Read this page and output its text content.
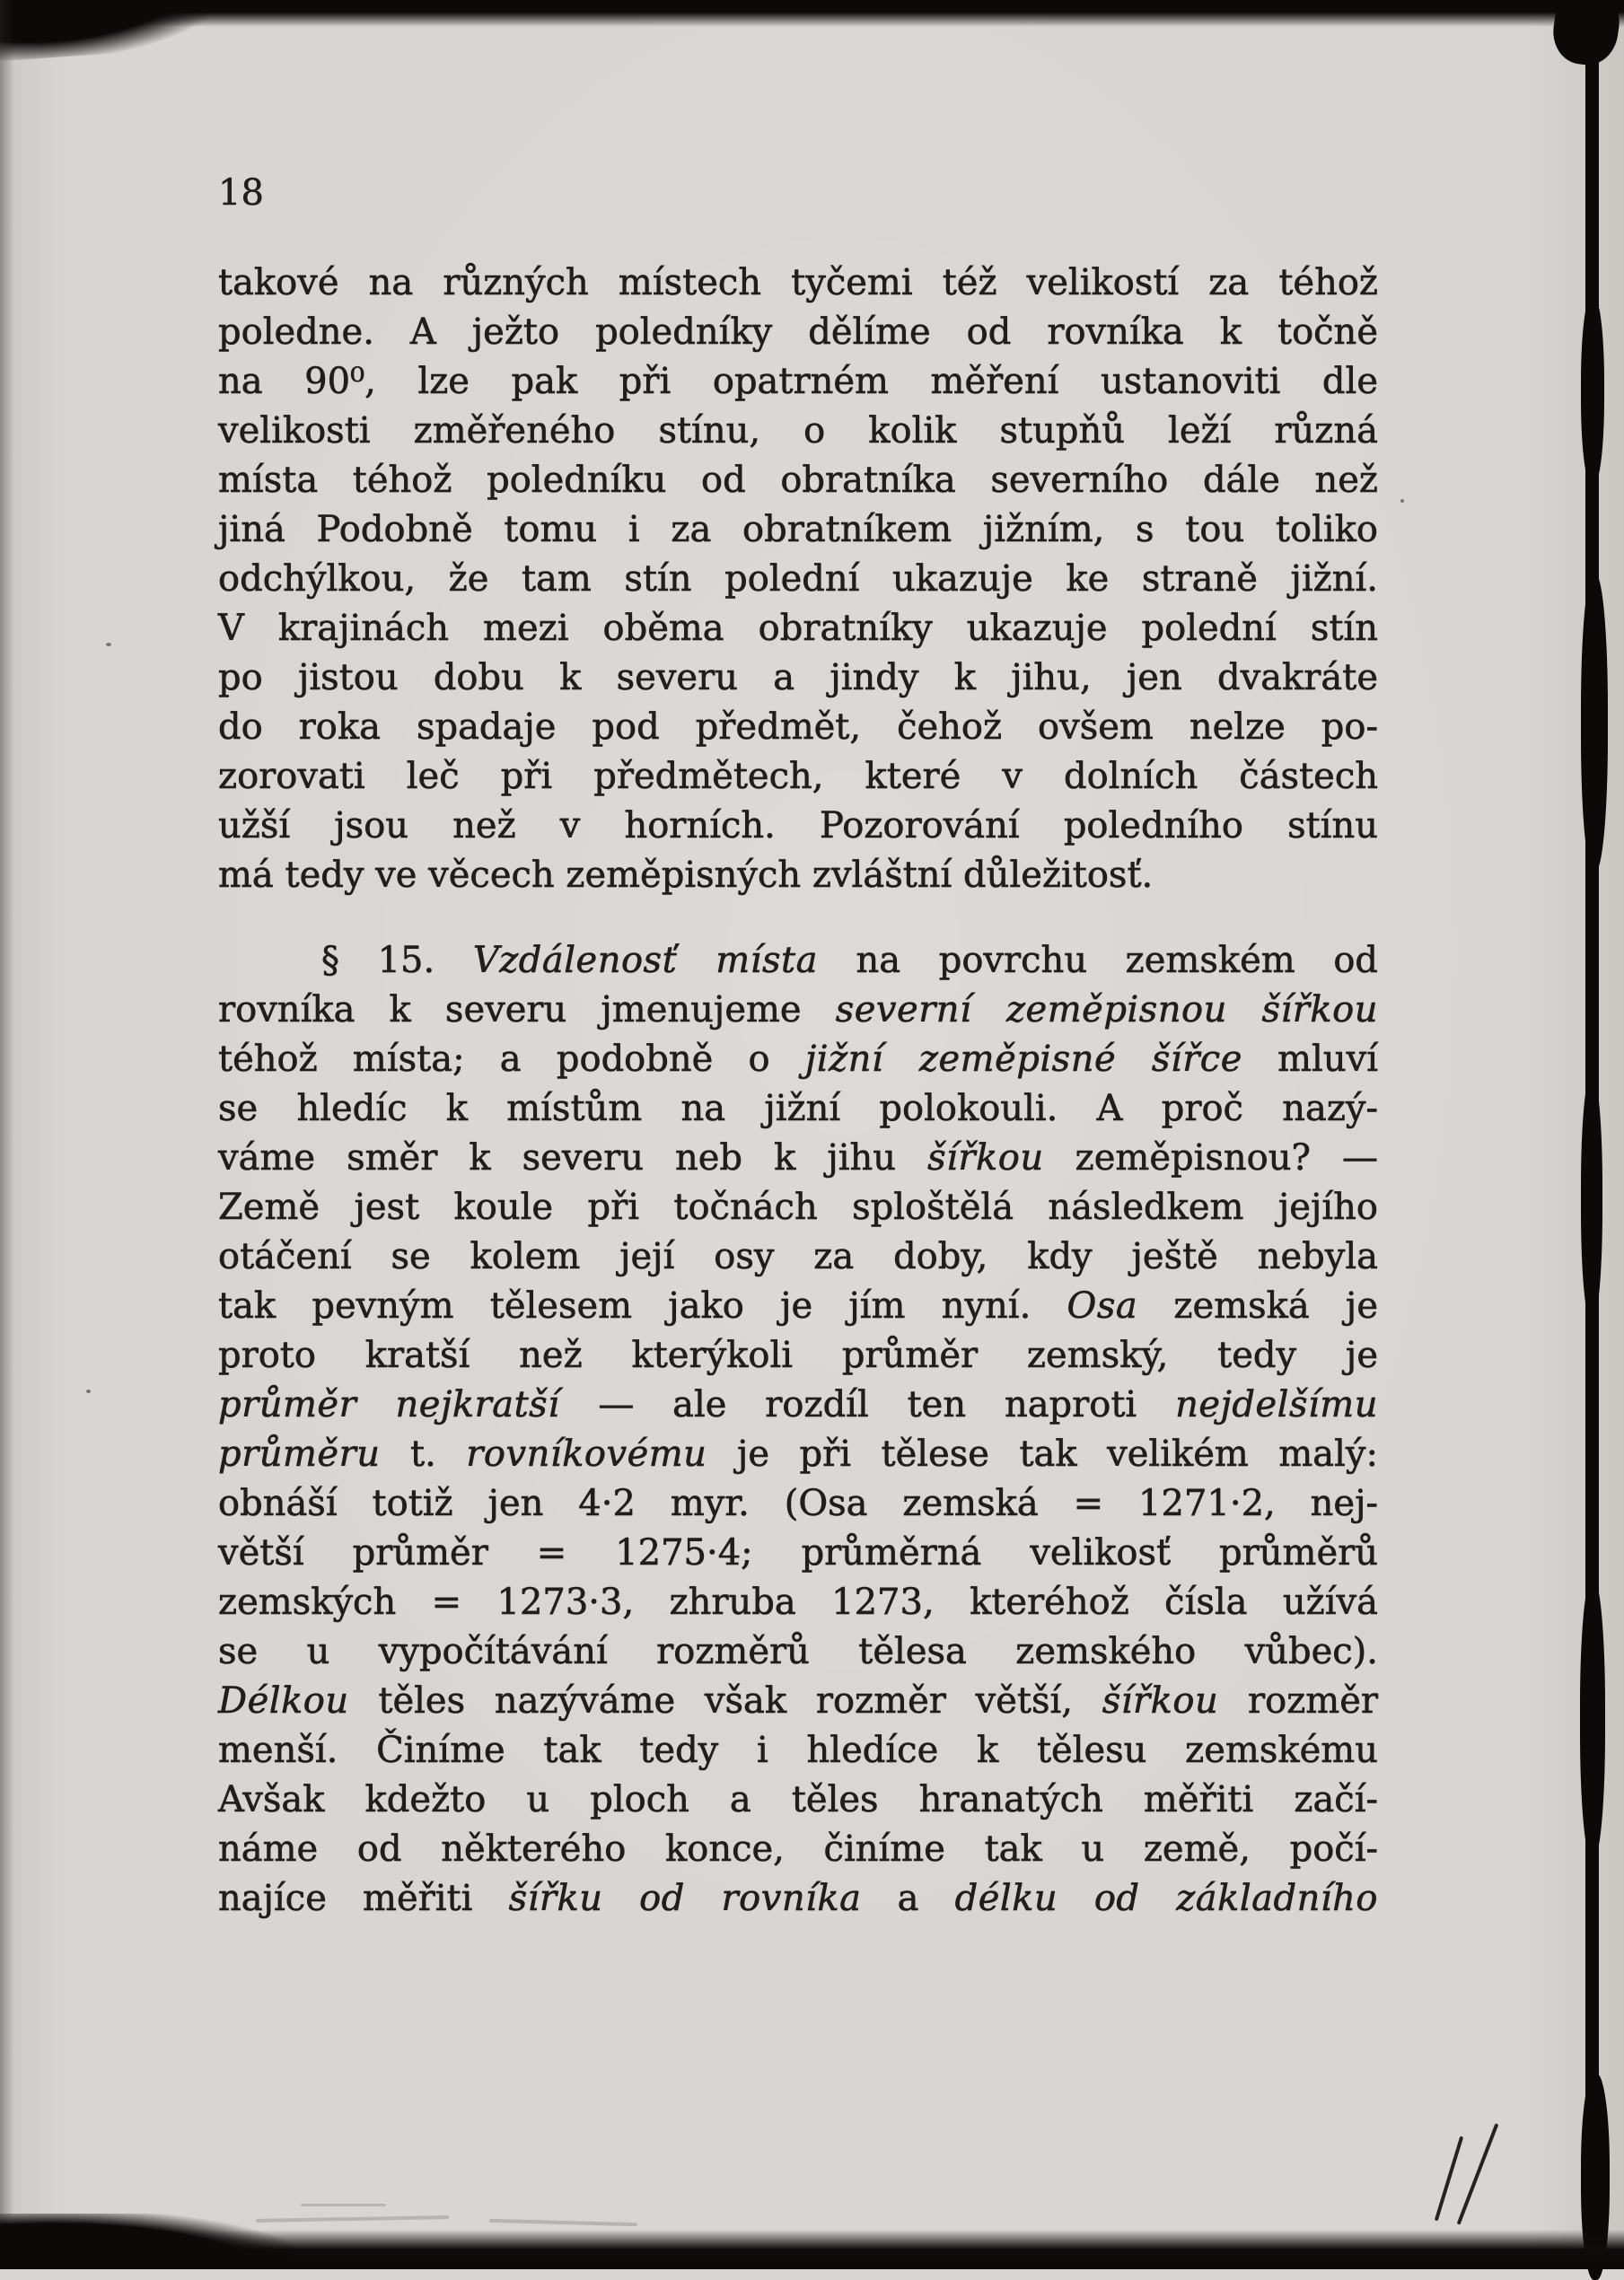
18
takové na různých místech tyčemi též velikostí za téhož
poledne. A ježto poledníky dělíme od rovníka k točně
na 90⁰, lze pak při opatrném měření ustanoviti dle
velikosti změřeného stínu, o kolik stupňů leží různá
místa téhož poledníku od obratníka severního dále než
jiná Podobně tomu i za obratníkem jižním, s tou toliko
odchýlkou, že tam stín polední ukazuje ke straně jižní.
V krajinách mezi oběma obratníky ukazuje polední stín
po jistou dobu k severu a jindy k jihu, jen dvakráte
do roka spadaje pod předmět, čehož ovšem nelze po-
zorovati leč při předmětech, které v dolních částech
užší jsou než v horních. Pozorování poledního stínu
má tedy ve věcech zeměpisných zvláštní důležitosť.
§ 15. Vzdálenosť místa na povrchu zemském od
rovníka k severu jmenujeme severní zeměpisnou šířkou
téhož místa; a podobně o jižní zeměpisné šířce mluví
se hledíc k místům na jižní polokouli. A proč nazý-
váme směr k severu neb k jihu šířkou zeměpisnou? —
Země jest koule při točnách sploštělá následkem jejího
otáčení se kolem její osy za doby, kdy ještě nebyla
tak pevným tělesem jako je jím nyní. Osa zemská je
proto kratší než kterýkoli průměr zemský, tedy je
průměr nejkratší — ale rozdíl ten naproti nejdelšímu
průměru t. rovníkovému je při tělese tak velikém malý:
obnáší totiž jen 4·2 myr. (Osa zemská = 1271·2, nej-
větší průměr = 1275·4; průměrná velikosť průměrů
zemských = 1273·3, zhruba 1273, kteréhož čísla užívá
se u vypočítávání rozměrů tělesa zemského vůbec).
Délkou těles nazýváme však rozměr větší, šířkou rozměr
menší. Činíme tak tedy i hledíce k tělesu zemskému
Avšak kdežto u ploch a těles hranatých měřiti začí-
náme od některého konce, činíme tak u země, počí-
najíce měřiti šířku od rovníka a délku od základního
